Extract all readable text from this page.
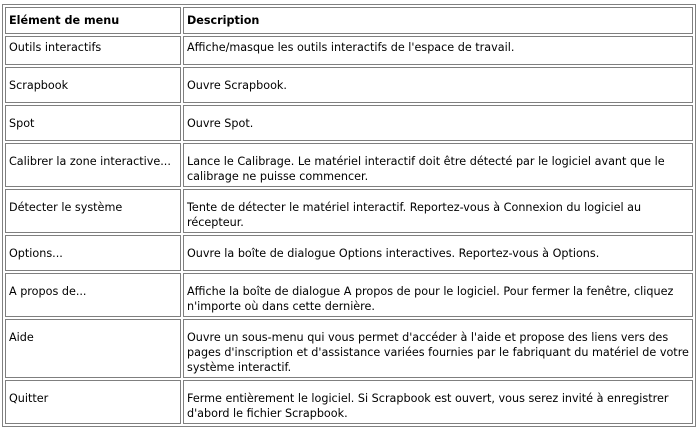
Elément de menu	Description
Outils interactifs	Affiche/masque les outils interactifs de l'espace de travail.
Scrapbook	Ouvre Scrapbook.
Spot	Ouvre Spot.
Calibrer la zone interactive...	Lance le Calibrage. Le matériel interactif doit être détecté par le logiciel avant que le calibrage ne puisse commencer.
Détecter le système	Tente de détecter le matériel interactif. Reportez-vous à Connexion du logiciel au récepteur.
Options...	Ouvre la boîte de dialogue Options interactives. Reportez-vous à Options.
A propos de...	Affiche la boîte de dialogue A propos de pour le logiciel. Pour fermer la fenêtre, cliquez n'importe où dans cette dernière.
Aide	Ouvre un sous-menu qui vous permet d'accéder à l'aide et propose des liens vers des pages d'inscription et d'assistance variées fournies par le fabriquant du matériel de votre système interactif.
Quitter	Ferme entièrement le logiciel. Si Scrapbook est ouvert, vous serez invité à enregistrer d'abord le fichier Scrapbook.
